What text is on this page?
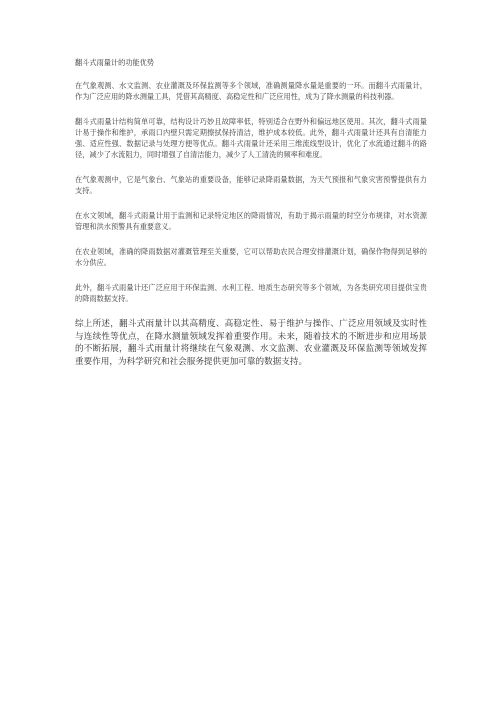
翻斗式雨量计的功能优势

在气象观测、水文监测、农业灌溉及环保监测等多个领域，准确测量降水量是重要的一环。而翻斗式雨量计，作为广泛应用的降水测量工具，凭借其高精度、高稳定性和广泛应用性，成为了降水测量的科技利器。

翻斗式雨量计结构简单可靠，结构设计巧妙且故障率低，特别适合在野外和偏远地区使用。其次，翻斗式雨量计易于操作和维护，承雨口内壁只需定期擦拭保持清洁，维护成本较低。此外，翻斗式雨量计还具有自清能力强、适应性强、数据记录与处理方便等优点。翻斗式雨量计还采用三维流线型设计，优化了水流通过翻斗的路径，减少了水流阻力，同时增强了自清洁能力，减少了人工清洗的频率和难度。

在气象观测中，它是气象台、气象站的重要设备，能够记录降雨量数据，为天气预报和气象灾害预警提供有力支持。

在水文领域，翻斗式雨量计用于监测和记录特定地区的降雨情况，有助于揭示雨量的时空分布规律，对水资源管理和洪水预警具有重要意义。

在农业领域，准确的降雨数据对灌溉管理至关重要，它可以帮助农民合理安排灌溉计划，确保作物得到足够的水分供应。

此外，翻斗式雨量计还广泛应用于环保监测、水利工程、地质生态研究等多个领域，为各类研究项目提供宝贵的降雨数据支持。

综上所述，翻斗式雨量计以其高精度、高稳定性、易于维护与操作、广泛应用领域及实时性与连续性等优点，在降水测量领域发挥着重要作用。未来，随着技术的不断进步和应用场景的不断拓展，翻斗式雨量计将继续在气象观测、水文监测、农业灌溉及环保监测等领域发挥重要作用，为科学研究和社会服务提供更加可靠的数据支持。
